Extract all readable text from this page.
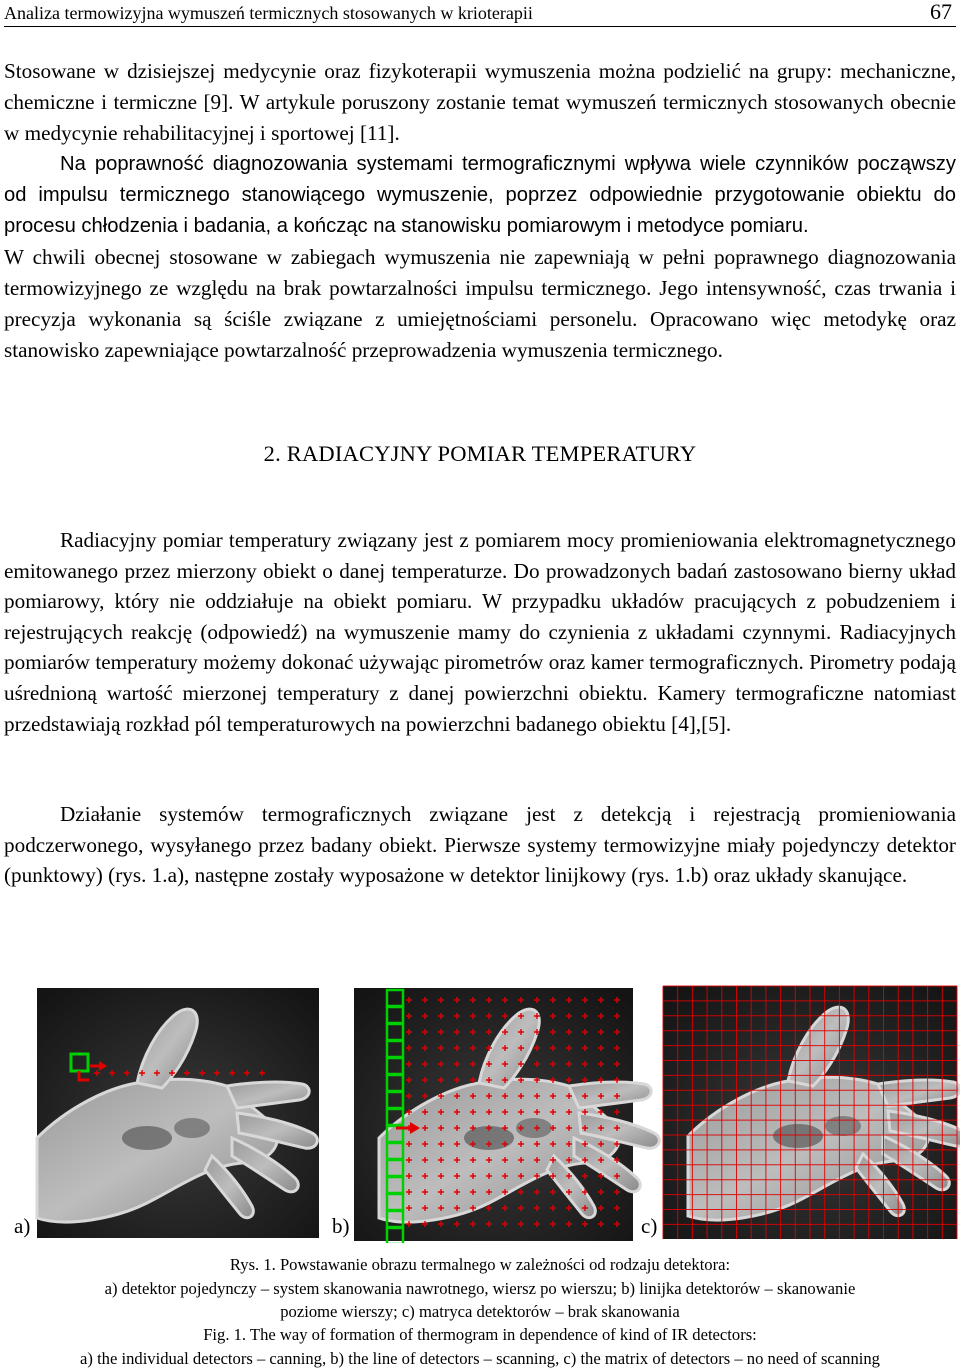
Analiza termowizyjna wymuszeń termicznych stosowanych w krioterapii	67

Stosowane w dzisiejszej medycynie oraz fizykoterapii wymuszenia można podzielić na grupy: mechaniczne, chemiczne i termiczne [9]. W artykule poruszony zostanie temat wymuszeń termicznych stosowanych obecnie w medycynie rehabilitacyjnej i sportowej [11].

Na poprawność diagnozowania systemami termograficznymi wpływa wiele czynników począwszy od impulsu termicznego stanowiącego wymuszenie, poprzez odpowiednie przygotowanie obiektu do procesu chłodzenia i badania, a kończąc na stanowisku pomiarowym i metodyce pomiaru.

W chwili obecnej stosowane w zabiegach wymuszenia nie zapewniają w pełni poprawnego diagnozowania termowizyjnego ze względu na brak powtarzalności impulsu termicznego. Jego intensywność, czas trwania i precyzja wykonania są ściśle związane z umiejętnościami personelu. Opracowano więc metodykę oraz stanowisko zapewniające powtarzalność przeprowadzenia wymuszenia termicznego.

2. RADIACYJNY POMIAR TEMPERATURY

Radiacyjny pomiar temperatury związany jest z pomiarem mocy promieniowania elektromagnetycznego emitowanego przez mierzony obiekt o danej temperaturze. Do prowadzonych badań zastosowano bierny układ pomiarowy, który nie oddziałuje na obiekt pomiaru. W przypadku układów pracujących z pobudzeniem i rejestrujących reakcję (odpowiedź) na wymuszenie mamy do czynienia z układami czynnymi. Radiacyjnych pomiarów temperatury możemy dokonać używając pirometrów oraz kamer termograficznych. Pirometry podają uśrednioną wartość mierzonej temperatury z danej powierzchni obiektu. Kamery termograficzne natomiast przedstawiają rozkład pól temperaturowych na powierzchni badanego obiektu [4],[5].

Działanie systemów termograficznych związane jest z detekcją i rejestracją promieniowania podczerwonego, wysyłanego przez badany obiekt. Pierwsze systemy termowizyjne miały pojedynczy detektor (punktowy) (rys. 1.a), następne zostały wyposażone w detektor linijkowy (rys. 1.b) oraz układy skanujące.

a)	b)	c)
Rys. 1. Powstawanie obrazu termalnego w zależności od rodzaju detektora:
a) detektor pojedynczy – system skanowania nawrotnego, wiersz po wierszu; b) linijka detektorów – skanowanie
poziome wierszy; c) matryca detektorów – brak skanowania
Fig. 1. The way of formation of thermogram in dependence of kind of IR detectors:
a) the individual detectors – canning, b) the line of detectors – scanning, c) the matrix of detectors – no need of scanning
